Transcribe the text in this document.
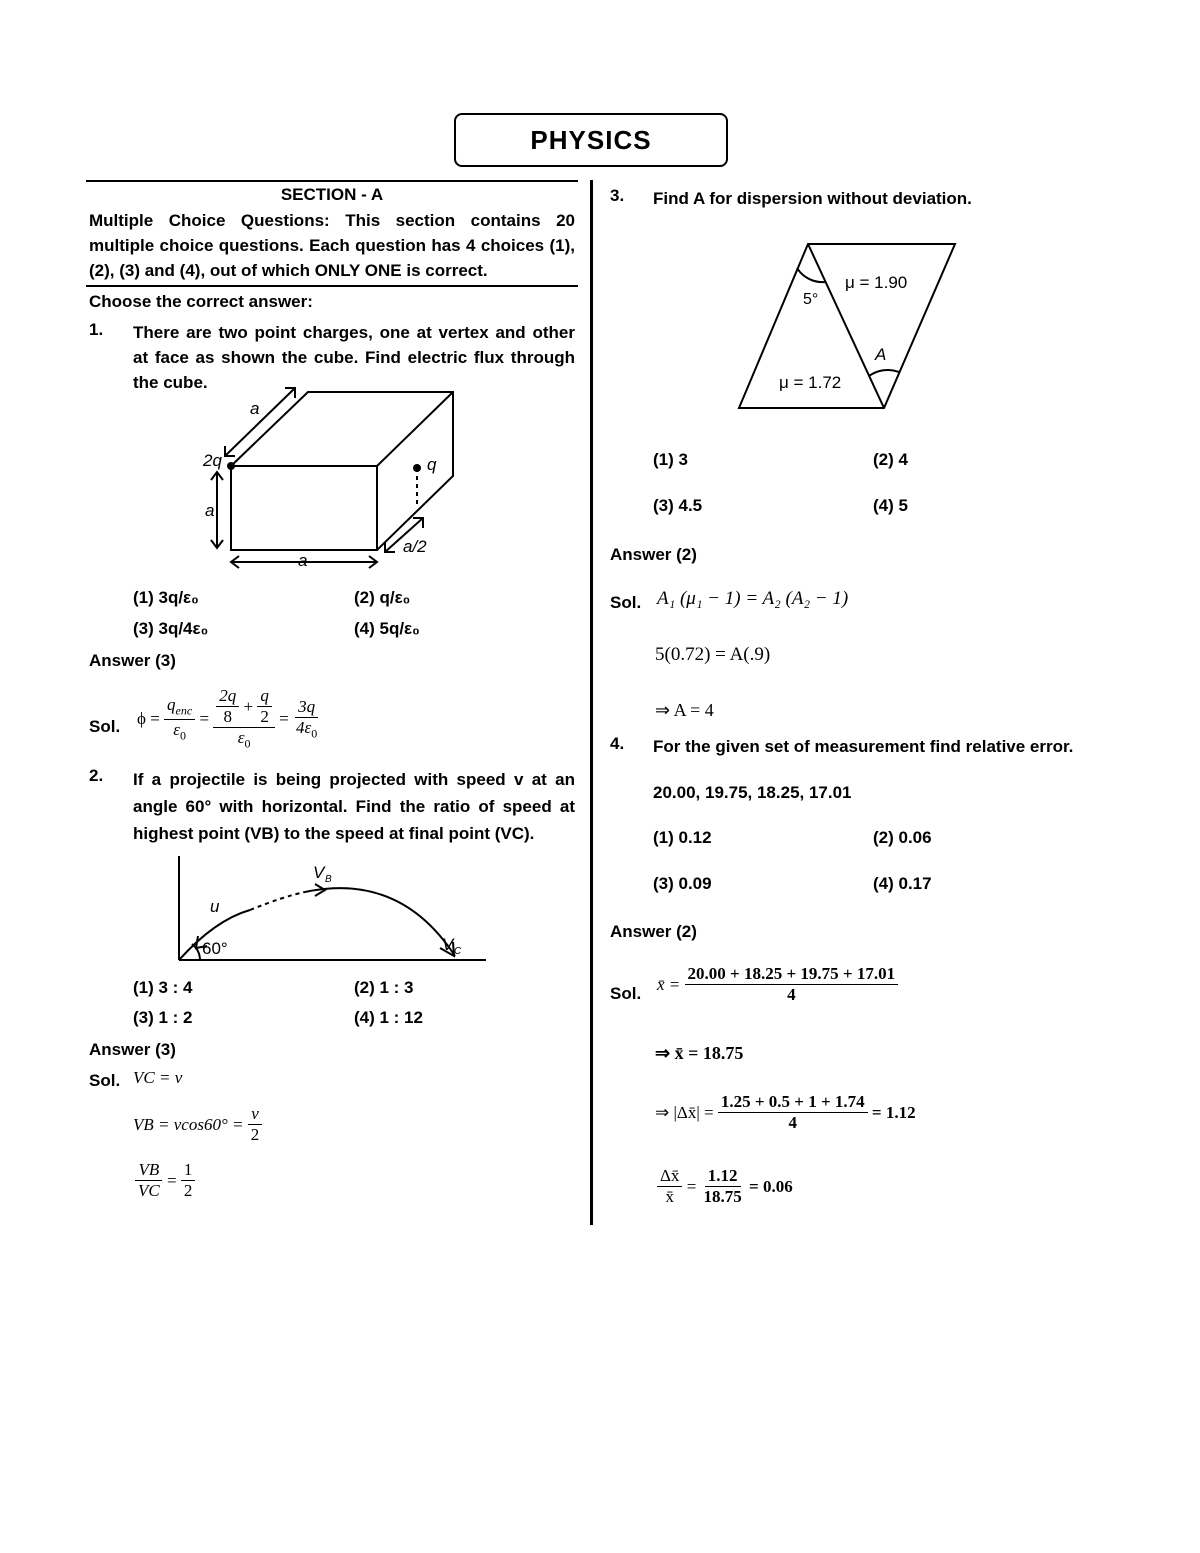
PHYSICS
SECTION - A
Multiple Choice Questions: This section contains 20 multiple choice questions. Each question has 4 choices (1), (2), (3) and (4), out of which ONLY ONE is correct.
Choose the correct answer:
1. There are two point charges, one at vertex and other at face as shown the cube. Find electric flux through the cube.
a
2q	q
a
a
a/2
(1) 3q/ε₀	(2) q/ε₀
(3) 3q/4ε₀	(4) 5q/ε₀
Answer (3)
Sol. ϕ =
$\frac{q_{enc}}{\varepsilon_0}$
=
$\frac{2q}{8}$
+
$\frac{q}{2}$
$\varepsilon_0$
=
$\frac{3q}{4\varepsilon_0}$
2. If a projectile is being projected with speed v at an angle 60° with horizontal. Find the ratio of speed at highest point (VB) to the speed at final point (VC).
V B
u
60°	V C
(1) 3 : 4	(2) 1 : 3
(3) 1 : 2	(4) 1 : 12
Answer (3)
Sol. VC = v
VB = vcos60° =
$\frac{v}{2}$
$\frac{VB}{VC}$
=
$\frac{1}{2}$
3. Find A for dispersion without deviation.
μ = 1.90
5°
A
μ = 1.72
(1) 3	(2) 4
(3) 4.5	(4) 5
Answer (2)
Sol. A₁ (μ₁ − 1) = A₂ (A₂ − 1)
5(0.72) = A(.9)
⇒ A = 4
4. For the given set of measurement find relative error.
20.00, 19.75, 18.25, 17.01
(1) 0.12	(2) 0.06
(3) 0.09	(4) 0.17
Answer (2)
Sol. x̄ =
$\frac{20.00 + 18.25 + 19.75 + 17.01}{4}$
⇒ x̄ = 18.75
⇒ |Δx̄| =
$\frac{1.25 + 0.5 + 1 + 1.74}{4}$
= 1.12
$\frac{\Delta x̄}{x̄}$
=
$\frac{1.12}{18.75}$
= 0.06
